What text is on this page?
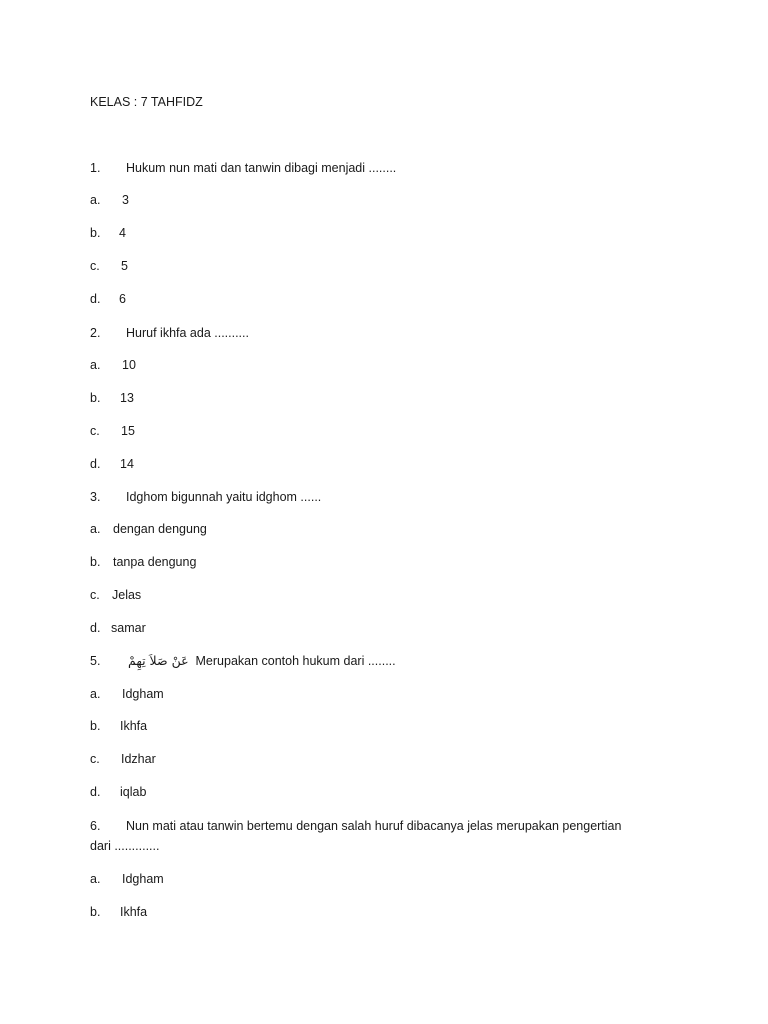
KELAS : 7 TAHFIDZ
1. Hukum nun mati dan tanwin dibagi menjadi ........
a. 3
b. 4
c. 5
d. 6
2. Huruf ikhfa ada ..........
a. 10
b. 13
c. 15
d. 14
3. Idghom bigunnah yaitu idghom ......
a. dengan dengung
b. tanpa dengung
c. Jelas
d. samar
5. عَنْ صَلاَ تِهِمْ Merupakan contoh hukum dari ........
a. Idgham
b. Ikhfa
c. Idzhar
d. iqlab
6. Nun mati atau tanwin bertemu dengan salah huruf dibacanya jelas merupakan pengertian
dari .............
a. Idgham
b. Ikhfa
